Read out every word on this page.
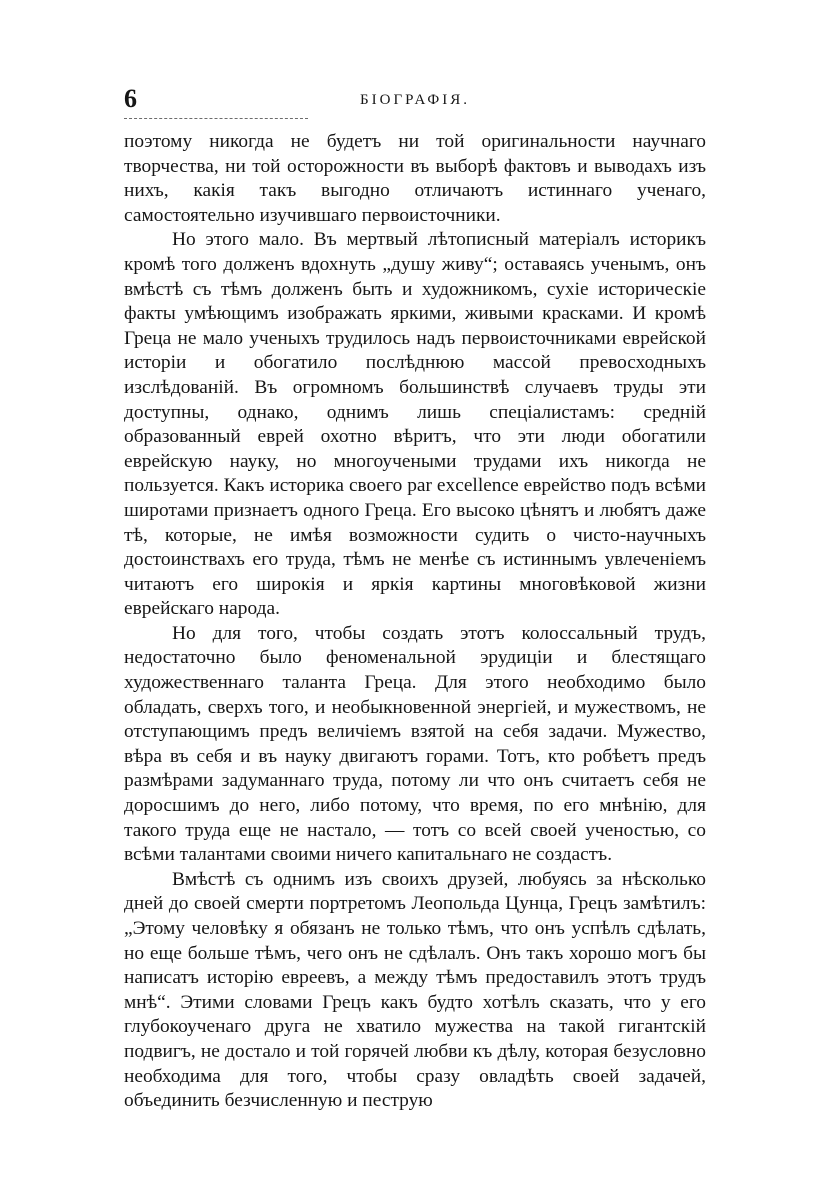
6	БІОГРАФІЯ.

поэтому никогда не будетъ ни той оригинальности научнаго творчества, ни той осторожности въ выборѣ фактовъ и выводахъ изъ нихъ, какія такъ выгодно отличаютъ истиннаго ученаго, самостоятельно изучившаго первоисточники.

Но этого мало. Въ мертвый лѣтописный матеріалъ историкъ кромѣ того долженъ вдохнуть „душу живу“; оставаясь ученымъ, онъ вмѣстѣ съ тѣмъ долженъ быть и художникомъ, сухіе историческіе факты умѣющимъ изображать яркими, живыми красками. И кромѣ Греца не мало ученыхъ трудилось надъ первоисточниками еврейской исторіи и обогатило послѣднюю массой превосходныхъ изслѣдованій. Въ огромномъ большинствѣ случаевъ труды эти доступны, однако, однимъ лишь спеціалистамъ: средній образованный еврей охотно вѣритъ, что эти люди обогатили еврейскую науку, но многоучеными трудами ихъ никогда не пользуется. Какъ историка своего par excellence еврейство подъ всѣми широтами признаетъ одного Греца. Его высоко цѣнятъ и любятъ даже тѣ, которые, не имѣя возможности судить о чисто-научныхъ достоинствахъ его труда, тѣмъ не менѣе съ истиннымъ увлеченіемъ читаютъ его широкія и яркія картины многовѣковой жизни еврейскаго народа.

Но для того, чтобы создать этотъ колоссальный трудъ, недостаточно было феноменальной эрудиціи и блестящаго художественнаго таланта Греца. Для этого необходимо было обладать, сверхъ того, и необыкновенной энергіей, и мужествомъ, не отступающимъ предъ величіемъ взятой на себя задачи. Мужество, вѣра въ себя и въ науку двигаютъ горами. Тотъ, кто робѣетъ предъ размѣрами задуманнаго труда, потому ли что онъ считаетъ себя не доросшимъ до него, либо потому, что время, по его мнѣнію, для такого труда еще не настало, — тотъ со всей своей ученостью, со всѣми талантами своими ничего капитальнаго не создастъ.

Вмѣстѣ съ однимъ изъ своихъ друзей, любуясь за нѣсколько дней до своей смерти портретомъ Леопольда Цунца, Грецъ замѣтилъ: „Этому человѣку я обязанъ не только тѣмъ, что онъ успѣлъ сдѣлать, но еще больше тѣмъ, чего онъ не сдѣлалъ. Онъ такъ хорошо могъ бы написатъ исторію евреевъ, а между тѣмъ предоставилъ этотъ трудъ мнѣ“. Этими словами Грецъ какъ будто хотѣлъ сказать, что у его глубокоученаго друга не хватило мужества на такой гигантскій подвигъ, не достало и той горячей любви къ дѣлу, которая безусловно необходима для того, чтобы сразу овладѣть своей задачей, объединить безчисленную и пеструю
